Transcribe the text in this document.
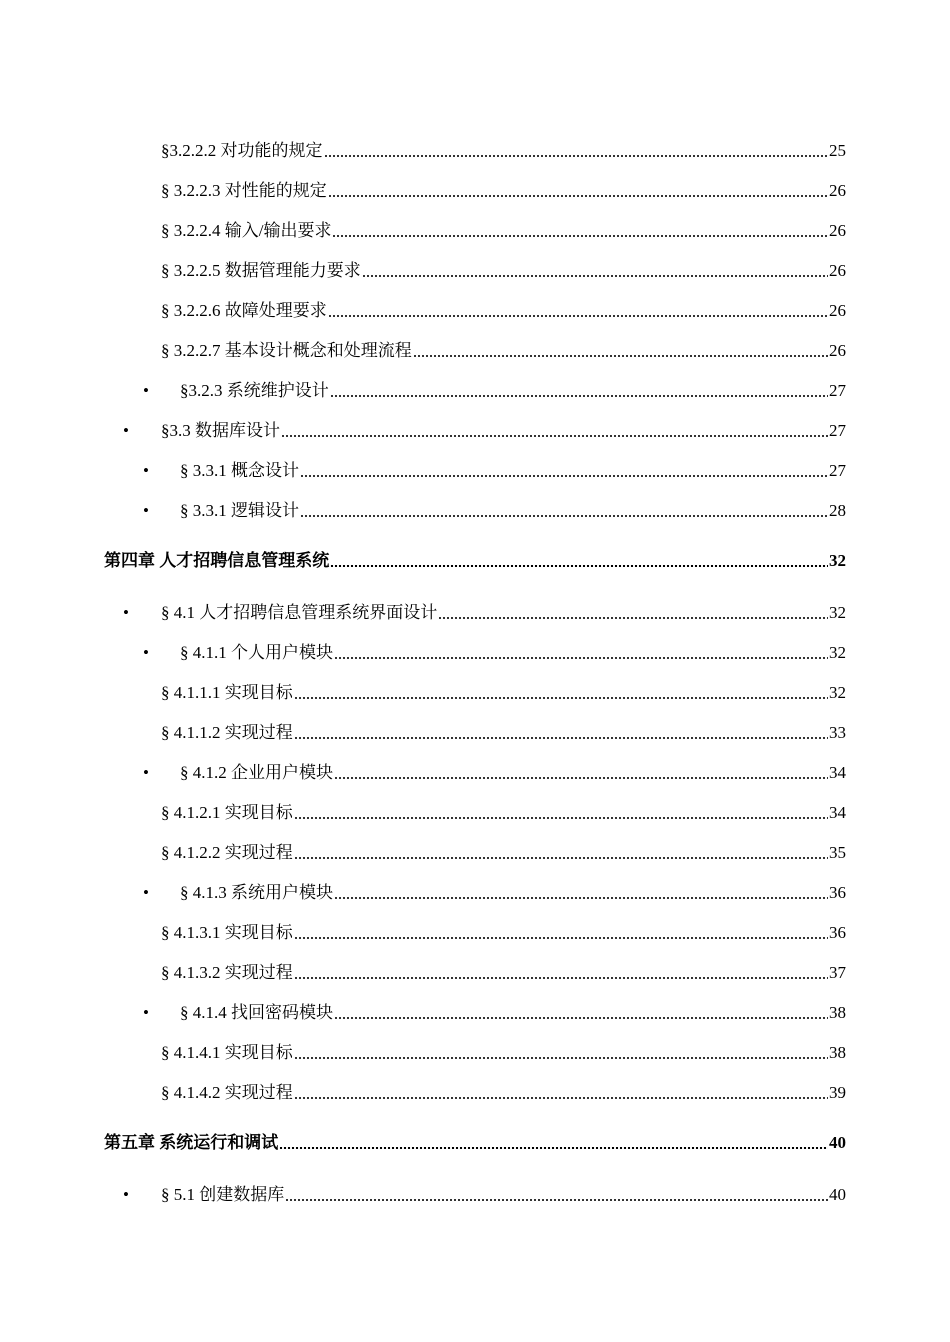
•
•
•
•
•
•
•
•
•
•
§3.2.2.2 对功能的规定	25
§ 3.2.2.3 对性能的规定	26
§ 3.2.2.4 输入/输出要求	26
§ 3.2.2.5 数据管理能力要求	26
§ 3.2.2.6 故障处理要求	26
§ 3.2.2.7 基本设计概念和处理流程	26
§3.2.3 系统维护设计	27
§3.3 数据库设计	27
§ 3.3.1 概念设计	27
§ 3.3.1 逻辑设计	28
第四章 人才招聘信息管理系统	32
§ 4.1 人才招聘信息管理系统界面设计	32
§ 4.1.1 个人用户模块	32
§ 4.1.1.1 实现目标	32
§ 4.1.1.2 实现过程	33
§ 4.1.2 企业用户模块	34
§ 4.1.2.1 实现目标	34
§ 4.1.2.2 实现过程	35
§ 4.1.3 系统用户模块	36
§ 4.1.3.1 实现目标	36
§ 4.1.3.2 实现过程	37
§ 4.1.4 找回密码模块	38
§ 4.1.4.1 实现目标	38
§ 4.1.4.2 实现过程	39
第五章 系统运行和调试	40
§ 5.1 创建数据库	40
